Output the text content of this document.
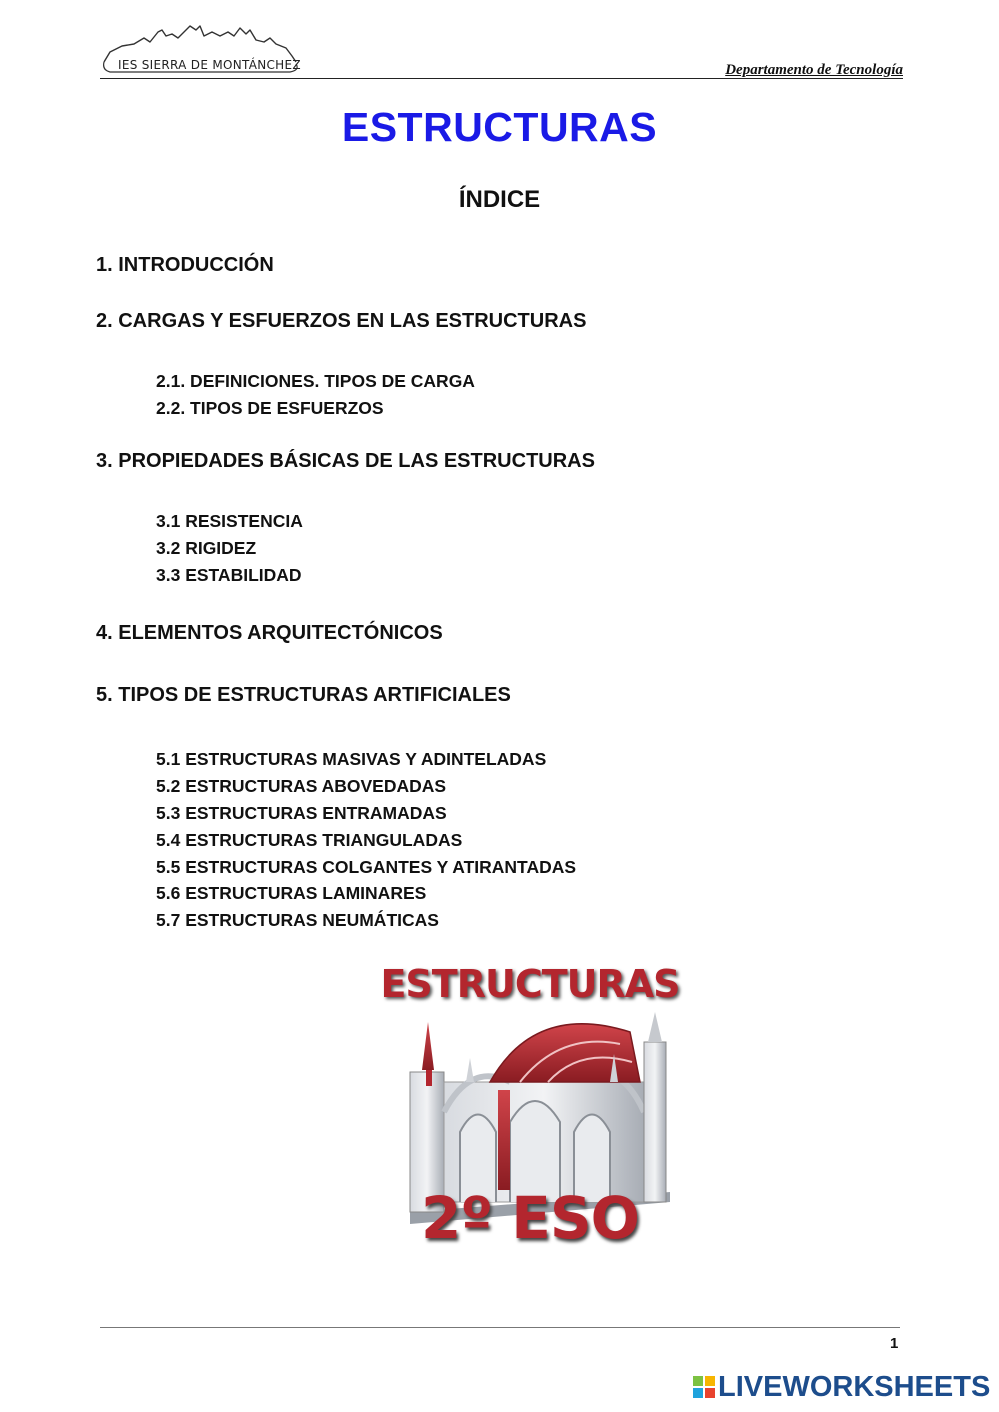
IES SIERRA DE MONTÁNCHEZ	Departamento de Tecnología
ESTRUCTURAS
ÍNDICE
1. INTRODUCCIÓN
2. CARGAS Y ESFUERZOS EN LAS ESTRUCTURAS
2.1. DEFINICIONES. TIPOS DE CARGA
2.2. TIPOS DE ESFUERZOS
3. PROPIEDADES BÁSICAS DE LAS ESTRUCTURAS
3.1 RESISTENCIA
3.2 RIGIDEZ
3.3 ESTABILIDAD
4. ELEMENTOS ARQUITECTÓNICOS
5. TIPOS DE ESTRUCTURAS ARTIFICIALES
5.1 ESTRUCTURAS MASIVAS Y ADINTELADAS
5.2 ESTRUCTURAS ABOVEDADAS
5.3 ESTRUCTURAS ENTRAMADAS
5.4 ESTRUCTURAS TRIANGULADAS
5.5 ESTRUCTURAS COLGANTES Y ATIRANTADAS
5.6 ESTRUCTURAS LAMINARES
5.7 ESTRUCTURAS NEUMÁTICAS
ESTRUCTURAS
2º ESO
1
LIVEWORKSHEETS
